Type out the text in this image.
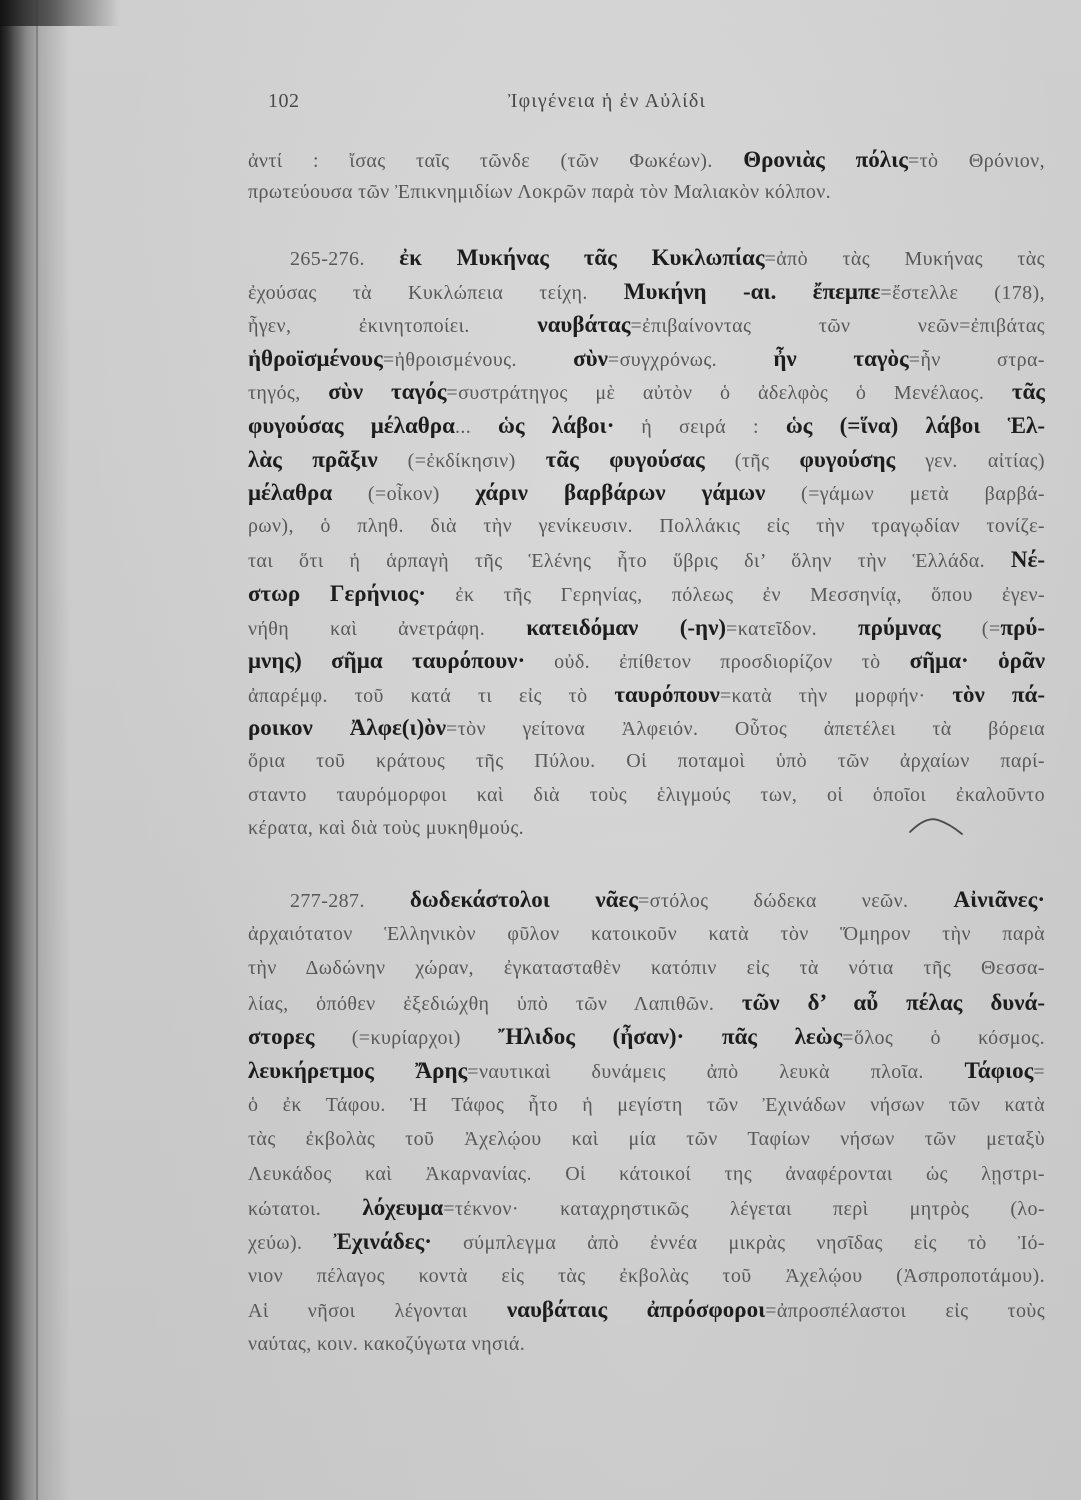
102	Ἰφιγένεια ἡ ἐν Αὐλίδι
ἀντί : ἴσας ταῖς τῶνδε (τῶν Φωκέων). Θρονιὰς πόλις=τὸ Θρόνιον,
πρωτεύουσα τῶν Ἐπικνημιδίων Λοκρῶν παρὰ τὸν Μαλιακὸν κόλπον.
265-276. ἐκ Μυκήνας τᾶς Κυκλωπίας=ἀπὸ τὰς Μυκήνας τὰς
ἐχούσας τὰ Κυκλώπεια τείχη. Μυκήνη -αι. ἔπεμπε=ἔστελλε (178),
ἦγεν, ἐκινητοποίει. ναυβάτας=ἐπιβαίνοντας τῶν νεῶν=ἐπιβάτας
ἡθροϊσμένους=ἠθροισμένους. σὺν=συγχρόνως. ἦν ταγὸς=ἦν στρα-
τηγός, σὺν ταγός=συστράτηγος μὲ αὐτὸν ὁ ἀδελφὸς ὁ Μενέλαος. τᾶς
φυγούσας μέλαθρα... ὡς λάβοι· ἡ σειρά : ὡς (=ἵνα) λάβοι Ἑλ-
λὰς πρᾶξιν (=ἐκδίκησιν) τᾶς φυγούσας (τῆς φυγούσης γεν. αἰτίας)
μέλαθρα (=οἶκον) χάριν βαρβάρων γάμων (=γάμων μετὰ βαρβά-
ρων), ὁ πληθ. διὰ τὴν γενίκευσιν. Πολλάκις εἰς τὴν τραγῳδίαν τονίζε-
ται ὅτι ἡ ἁρπαγὴ τῆς Ἑλένης ἦτο ὕβρις δι’ ὅλην τὴν Ἑλλάδα. Νέ-
στωρ Γερήνιος· ἐκ τῆς Γερηνίας, πόλεως ἐν Μεσσηνίᾳ, ὅπου ἐγεν-
νήθη καὶ ἀνετράφη. κατειδόμαν (-ην)=κατεῖδον. πρύμνας (=πρύ-
μνης) σῆμα ταυρόπουν· οὐδ. ἐπίθετον προσδιορίζον τὸ σῆμα· ὁρᾶν
ἀπαρέμφ. τοῦ κατά τι εἰς τὸ ταυρόπουν=κατὰ τὴν μορφήν· τὸν πά-
ροικον Ἀλφε(ι)ὸν=τὸν γείτονα Ἀλφειόν. Οὗτος ἀπετέλει τὰ βόρεια
ὅρια τοῦ κράτους τῆς Πύλου. Οἱ ποταμοὶ ὑπὸ τῶν ἀρχαίων παρί-
σταντο ταυρόμορφοι καὶ διὰ τοὺς ἑλιγμούς των, οἱ ὁποῖοι ἐκαλοῦντο
κέρατα, καὶ διὰ τοὺς μυκηθμούς.
277-287. δωδεκάστολοι νᾶες=στόλος δώδεκα νεῶν. Αἰνιᾶνες·
ἀρχαιότατον Ἑλληνικὸν φῦλον κατοικοῦν κατὰ τὸν Ὅμηρον τὴν παρὰ
τὴν Δωδώνην χώραν, ἐγκατασταθὲν κατόπιν εἰς τὰ νότια τῆς Θεσσα-
λίας, ὁπόθεν ἐξεδιώχθη ὑπὸ τῶν Λαπιθῶν. τῶν δ’ αὖ πέλας δυνά-
στορες (=κυρίαρχοι) Ἤλιδος (ἦσαν)· πᾶς λεὼς=ὅλος ὁ κόσμος.
λευκήρετμος Ἄρης=ναυτικαὶ δυνάμεις ἀπὸ λευκὰ πλοῖα. Τάφιος=
ὁ ἐκ Τάφου. Ἡ Τάφος ἦτο ἡ μεγίστη τῶν Ἐχινάδων νήσων τῶν κατὰ
τὰς ἐκβολὰς τοῦ Ἀχελῴου καὶ μία τῶν Ταφίων νήσων τῶν μεταξὺ
Λευκάδος καὶ Ἀκαρνανίας. Οἱ κάτοικοί της ἀναφέρονται ὡς λῃστρι-
κώτατοι. λόχευμα=τέκνον· καταχρηστικῶς λέγεται περὶ μητρὸς (λο-
χεύω). Ἐχινάδες· σύμπλεγμα ἀπὸ ἐννέα μικρὰς νησῖδας εἰς τὸ Ἰό-
νιον πέλαγος κοντὰ εἰς τὰς ἐκβολὰς τοῦ Ἀχελῴου (Ἀσπροποτάμου).
Αἱ νῆσοι λέγονται ναυβάταις ἀπρόσφοροι=ἀπροσπέλαστοι εἰς τοὺς
ναύτας, κοιν. κακοζύγωτα νησιά.
